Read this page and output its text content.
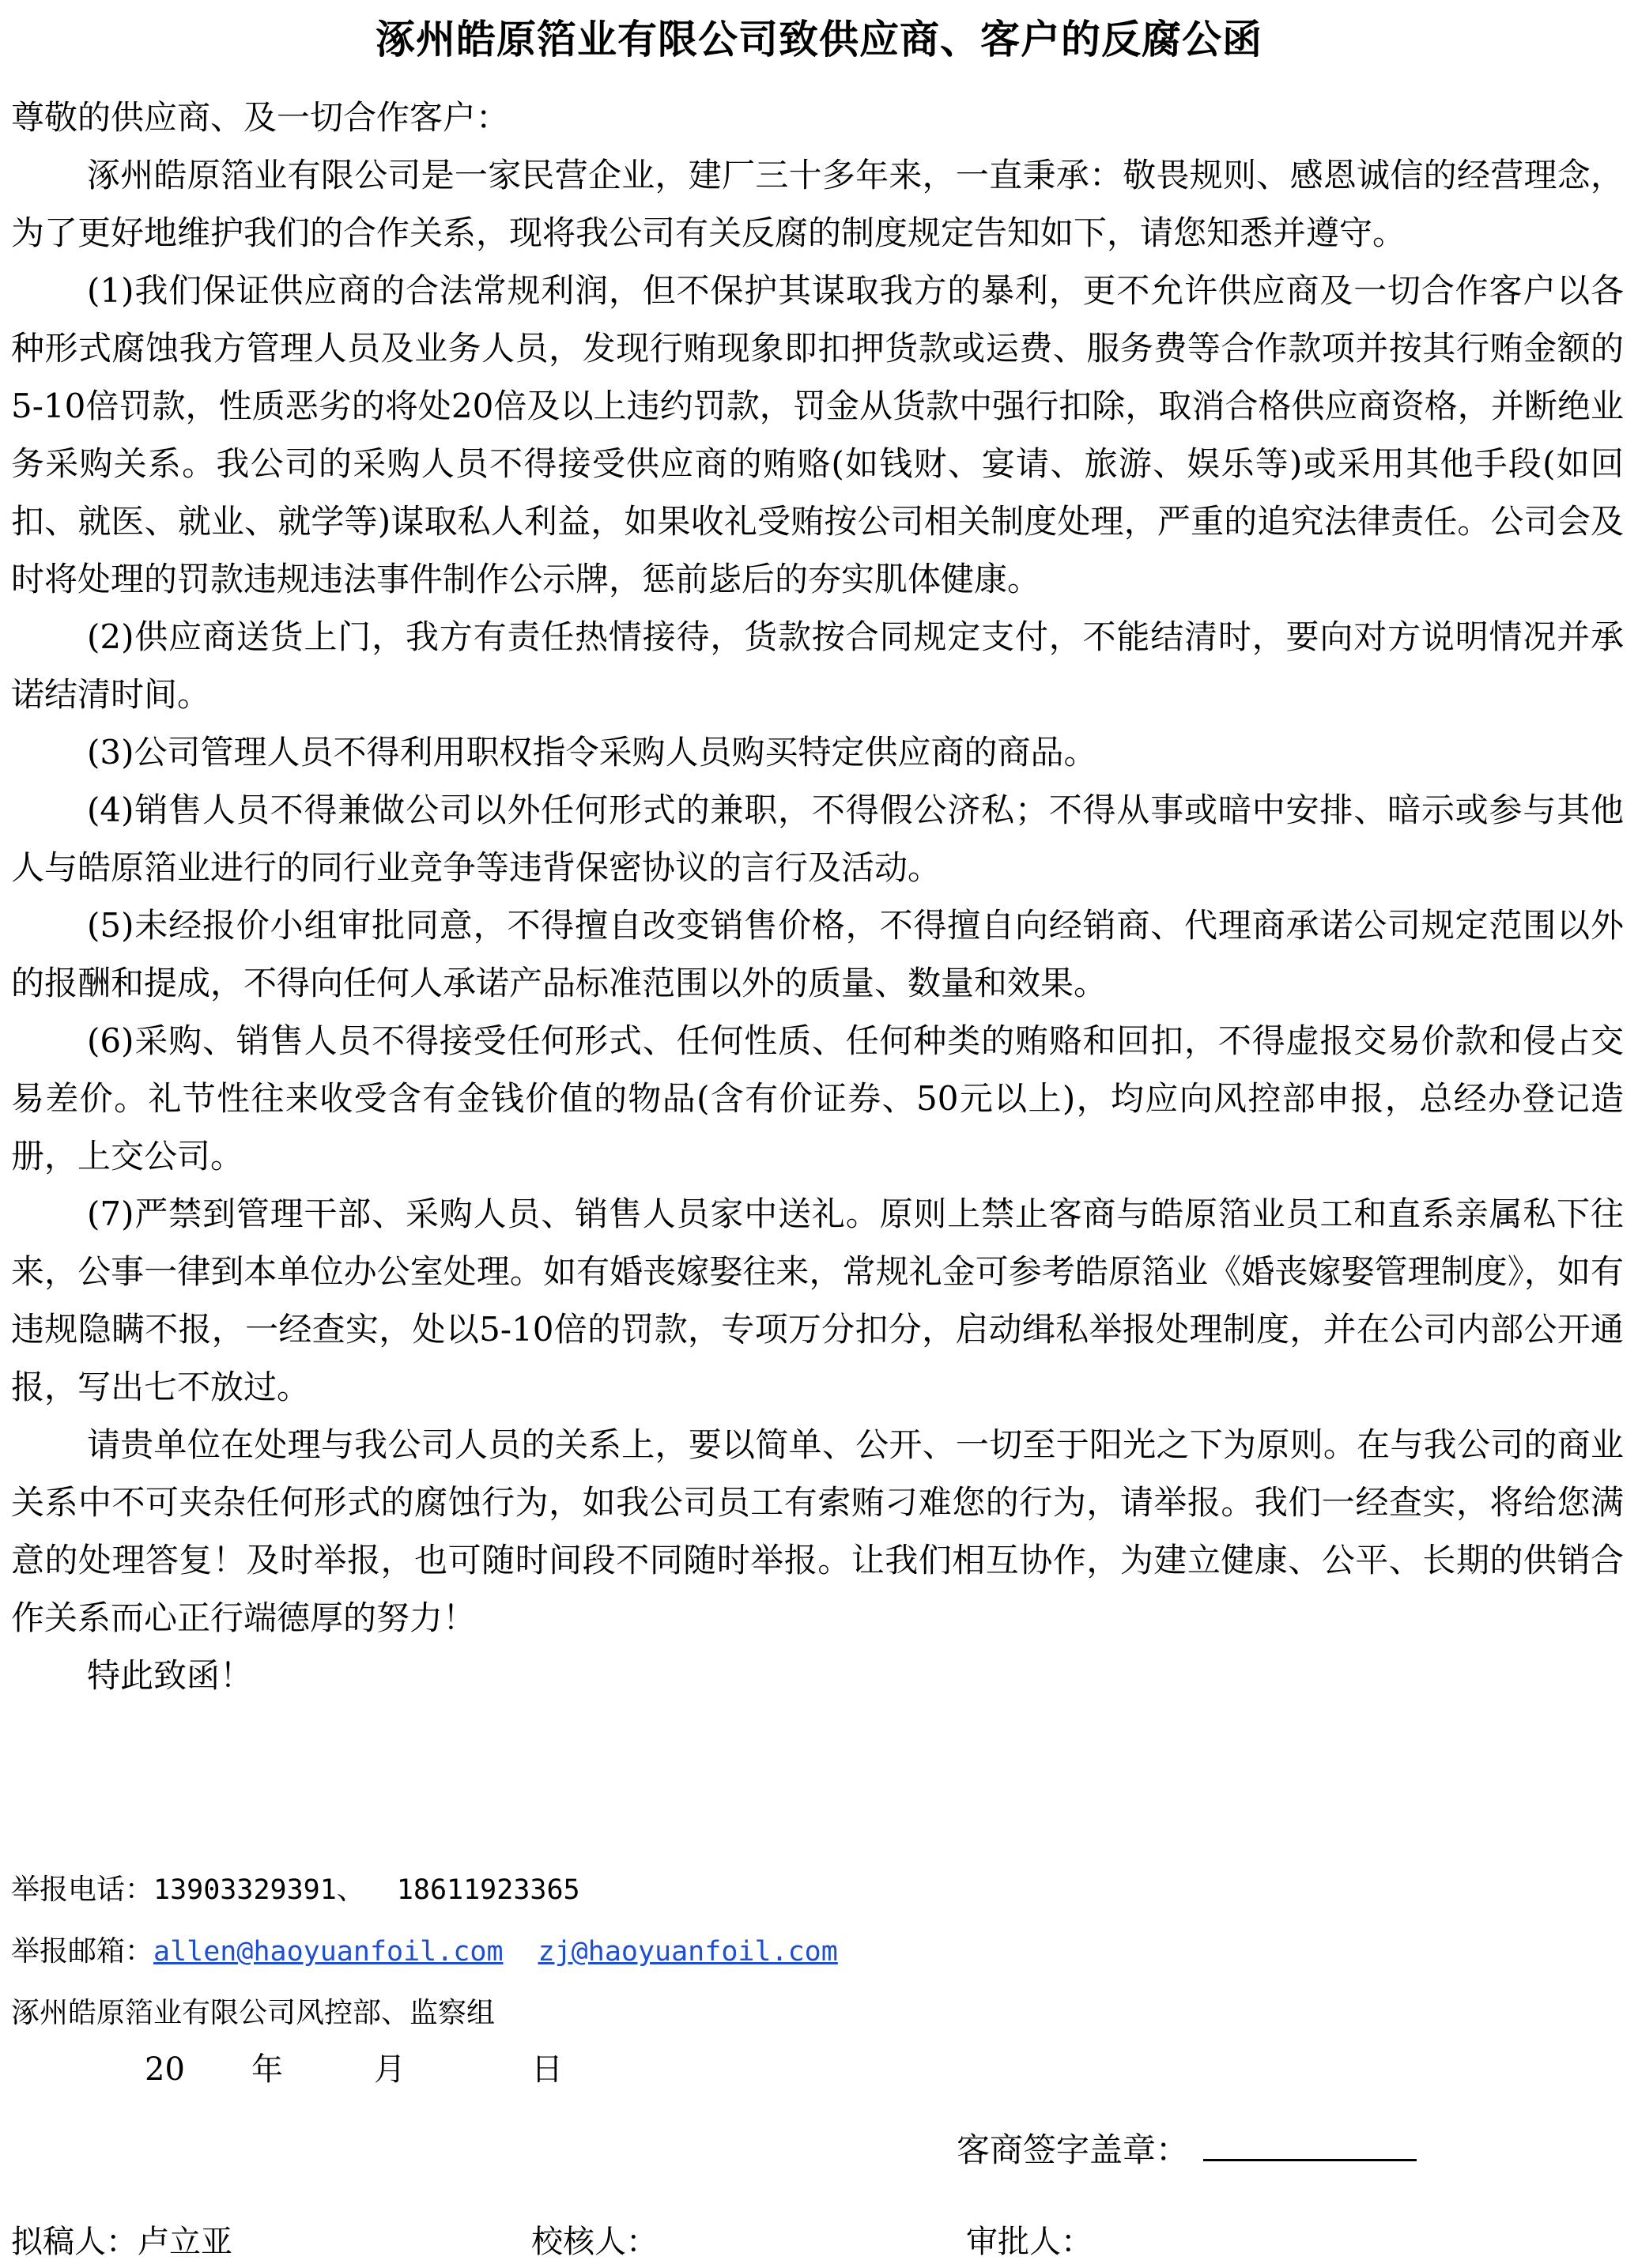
涿州皓原箔业有限公司致供应商、客户的反腐公函

尊敬的供应商、及一切合作客户：

涿州皓原箔业有限公司是一家民营企业，建厂三十多年来，一直秉承：敬畏规则、感恩诚信的经营理念，为了更好地维护我们的合作关系，现将我公司有关反腐的制度规定告知如下，请您知悉并遵守。

(1)我们保证供应商的合法常规利润，但不保护其谋取我方的暴利，更不允许供应商及一切合作客户以各种形式腐蚀我方管理人员及业务人员，发现行贿现象即扣押货款或运费、服务费等合作款项并按其行贿金额的5-10倍罚款，性质恶劣的将处20倍及以上违约罚款，罚金从货款中强行扣除，取消合格供应商资格，并断绝业务采购关系。我公司的采购人员不得接受供应商的贿赂(如钱财、宴请、旅游、娱乐等)或采用其他手段(如回扣、就医、就业、就学等)谋取私人利益，如果收礼受贿按公司相关制度处理，严重的追究法律责任。公司会及时将处理的罚款违规违法事件制作公示牌，惩前毖后的夯实肌体健康。

(2)供应商送货上门，我方有责任热情接待，货款按合同规定支付，不能结清时，要向对方说明情况并承诺结清时间。

(3)公司管理人员不得利用职权指令采购人员购买特定供应商的商品。

(4)销售人员不得兼做公司以外任何形式的兼职，不得假公济私；不得从事或暗中安排、暗示或参与其他人与皓原箔业进行的同行业竞争等违背保密协议的言行及活动。

(5)未经报价小组审批同意，不得擅自改变销售价格，不得擅自向经销商、代理商承诺公司规定范围以外的报酬和提成，不得向任何人承诺产品标准范围以外的质量、数量和效果。

(6)采购、销售人员不得接受任何形式、任何性质、任何种类的贿赂和回扣，不得虚报交易价款和侵占交易差价。礼节性往来收受含有金钱价值的物品(含有价证券、50元以上)，均应向风控部申报，总经办登记造册，上交公司。

(7)严禁到管理干部、采购人员、销售人员家中送礼。原则上禁止客商与皓原箔业员工和直系亲属私下往来，公事一律到本单位办公室处理。如有婚丧嫁娶往来，常规礼金可参考皓原箔业《婚丧嫁娶管理制度》，如有违规隐瞒不报，一经查实，处以5-10倍的罚款，专项万分扣分，启动缉私举报处理制度，并在公司内部公开通报，写出七不放过。

请贵单位在处理与我公司人员的关系上，要以简单、公开、一切至于阳光之下为原则。在与我公司的商业关系中不可夹杂任何形式的腐蚀行为，如我公司员工有索贿刁难您的行为，请举报。我们一经查实，将给您满意的处理答复！及时举报，也可随时间段不同随时举报。让我们相互协作，为建立健康、公平、长期的供销合作关系而心正行端德厚的努力！

特此致函！

举报电话：13903329391、 18611923365

举报邮箱：allen@haoyuanfoil.com zj@haoyuanfoil.com

涿州皓原箔业有限公司风控部、监察组

20 年	月	日
客商签字盖章：
拟稿人：卢立亚	校核人：	审批人：
